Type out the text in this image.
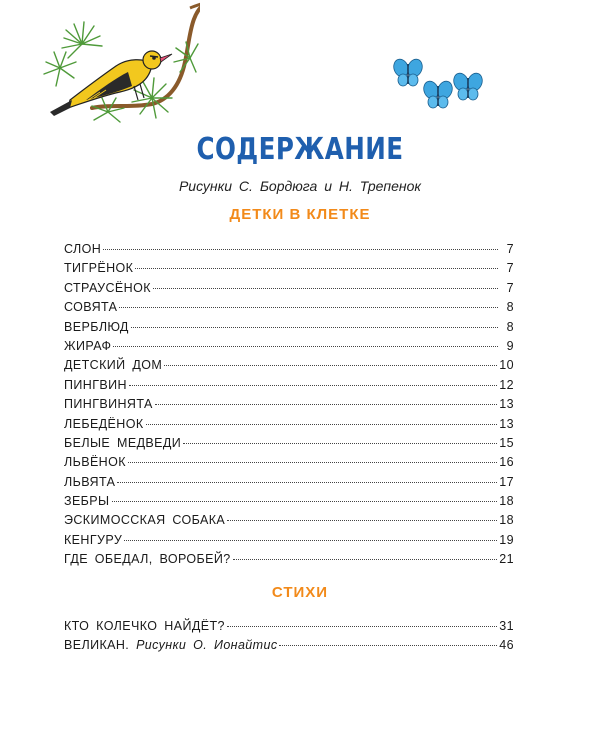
СОДЕРЖАНИЕ
Рисунки С. Бордюга и Н. Трепенок
ДЕТКИ В КЛЕТКЕ
СЛОН	7
ТИГРЁНОК	7
СТРАУСЁНОК	7
СОВЯТА	8
ВЕРБЛЮД	8
ЖИРАФ	9
ДЕТСКИЙ ДОМ	10
ПИНГВИН	12
ПИНГВИНЯТА	13
ЛЕБЕДЁНОК	13
БЕЛЫЕ МЕДВЕДИ	15
ЛЬВЁНОК	16
ЛЬВЯТА	17
ЗЕБРЫ	18
ЭСКИМОССКАЯ СОБАКА	18
КЕНГУРУ	19
ГДЕ ОБЕДАЛ, ВОРОБЕЙ?	21
СТИХИ
КТО КОЛЕЧКО НАЙДЁТ?	31
ВЕЛИКАН. Рисунки О. Ионайтис	46
